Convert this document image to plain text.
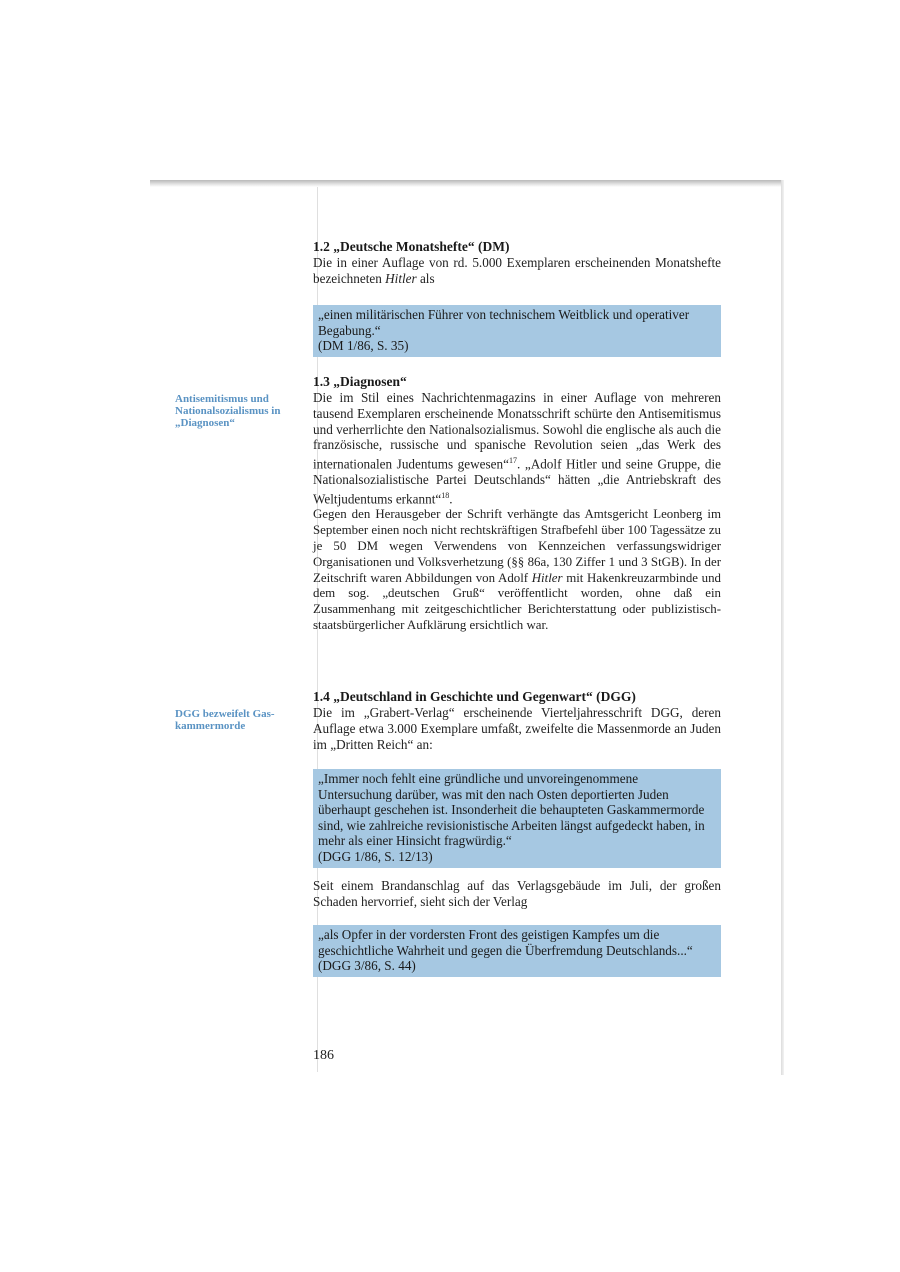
1.2 „Deutsche Monatshefte“ (DM)

Die in einer Auflage von rd. 5.000 Exemplaren erscheinenden Monatshefte bezeichneten Hitler als

„einen militärischen Führer von technischem Weitblick und operativer Begabung.“
(DM 1/86, S. 35)
Antisemitismus und Nationalsozialismus in „Diagnosen“
DGG bezweifelt Gas-kammermorde
1.3 „Diagnosen“

Die im Stil eines Nachrichtenmagazins in einer Auflage von mehreren tausend Exemplaren erscheinende Monatsschrift schürte den Antisemitismus und verherrlichte den Nationalsozialismus. Sowohl die englische als auch die französische, russische und spanische Revolution seien „das Werk des internationalen Judentums gewesen“$^{17}$. „Adolf Hitler und seine Gruppe, die Nationalsozialistische Partei Deutschlands“ hätten „die Antriebskraft des Weltjudentums erkannt“$^{18}$.

Gegen den Herausgeber der Schrift verhängte das Amtsgericht Leonberg im September einen noch nicht rechtskräftigen Strafbefehl über 100 Tagessätze zu je 50 DM wegen Verwendens von Kennzeichen verfassungswidriger Organisationen und Volksverhetzung (§§ 86a, 130 Ziffer 1 und 3 StGB). In der Zeitschrift waren Abbildungen von Adolf Hitler mit Hakenkreuzarmbinde und dem sog. „deutschen Gruß“ veröffentlicht worden, ohne daß ein Zusammenhang mit zeitgeschichtlicher Berichterstattung oder publizistisch-staatsbürgerlicher Aufklärung ersichtlich war.

1.4 „Deutschland in Geschichte und Gegenwart“ (DGG)

Die im „Grabert-Verlag“ erscheinende Vierteljahresschrift DGG, deren Auflage etwa 3.000 Exemplare umfaßt, zweifelte die Massenmorde an Juden im „Dritten Reich“ an:

„Immer noch fehlt eine gründliche und unvoreingenommene Untersuchung darüber, was mit den nach Osten deportierten Juden überhaupt geschehen ist. Insonderheit die behaupteten Gaskammermorde sind, wie zahlreiche revisionistische Arbeiten längst aufgedeckt haben, in mehr als einer Hinsicht fragwürdig.“
(DGG 1/86, S. 12/13)

Seit einem Brandanschlag auf das Verlagsgebäude im Juli, der großen Schaden hervorrief, sieht sich der Verlag

„als Opfer in der vordersten Front des geistigen Kampfes um die geschichtliche Wahrheit und gegen die Überfremdung Deutschlands...“
(DGG 3/86, S. 44)
186
